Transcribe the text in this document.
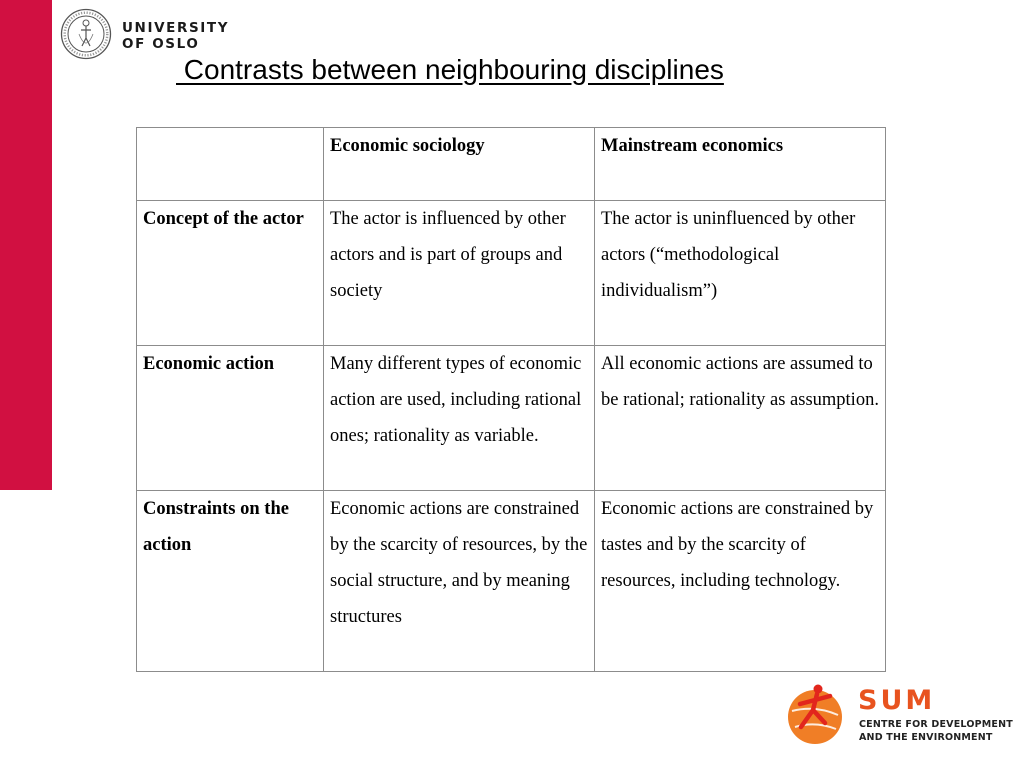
UNIVERSITY
OF OSLO
Contrasts between neighbouring disciplines
	Economic sociology	Mainstream economics
Concept of the actor	The actor is influenced by other actors and is part of groups and society	The actor is uninfluenced by other actors (“methodological individualism”)
Economic action	Many different types of economic action are used, including rational ones; rationality as variable.	All economic actions are assumed to be rational; rationality as assumption.
Constraints on the action	Economic actions are constrained by the scarcity of resources, by the social structure, and by meaning structures	Economic actions are constrained by tastes and by the scarcity of resources, including technology.
SUM
CENTRE FOR DEVELOPMENT
AND THE ENVIRONMENT
